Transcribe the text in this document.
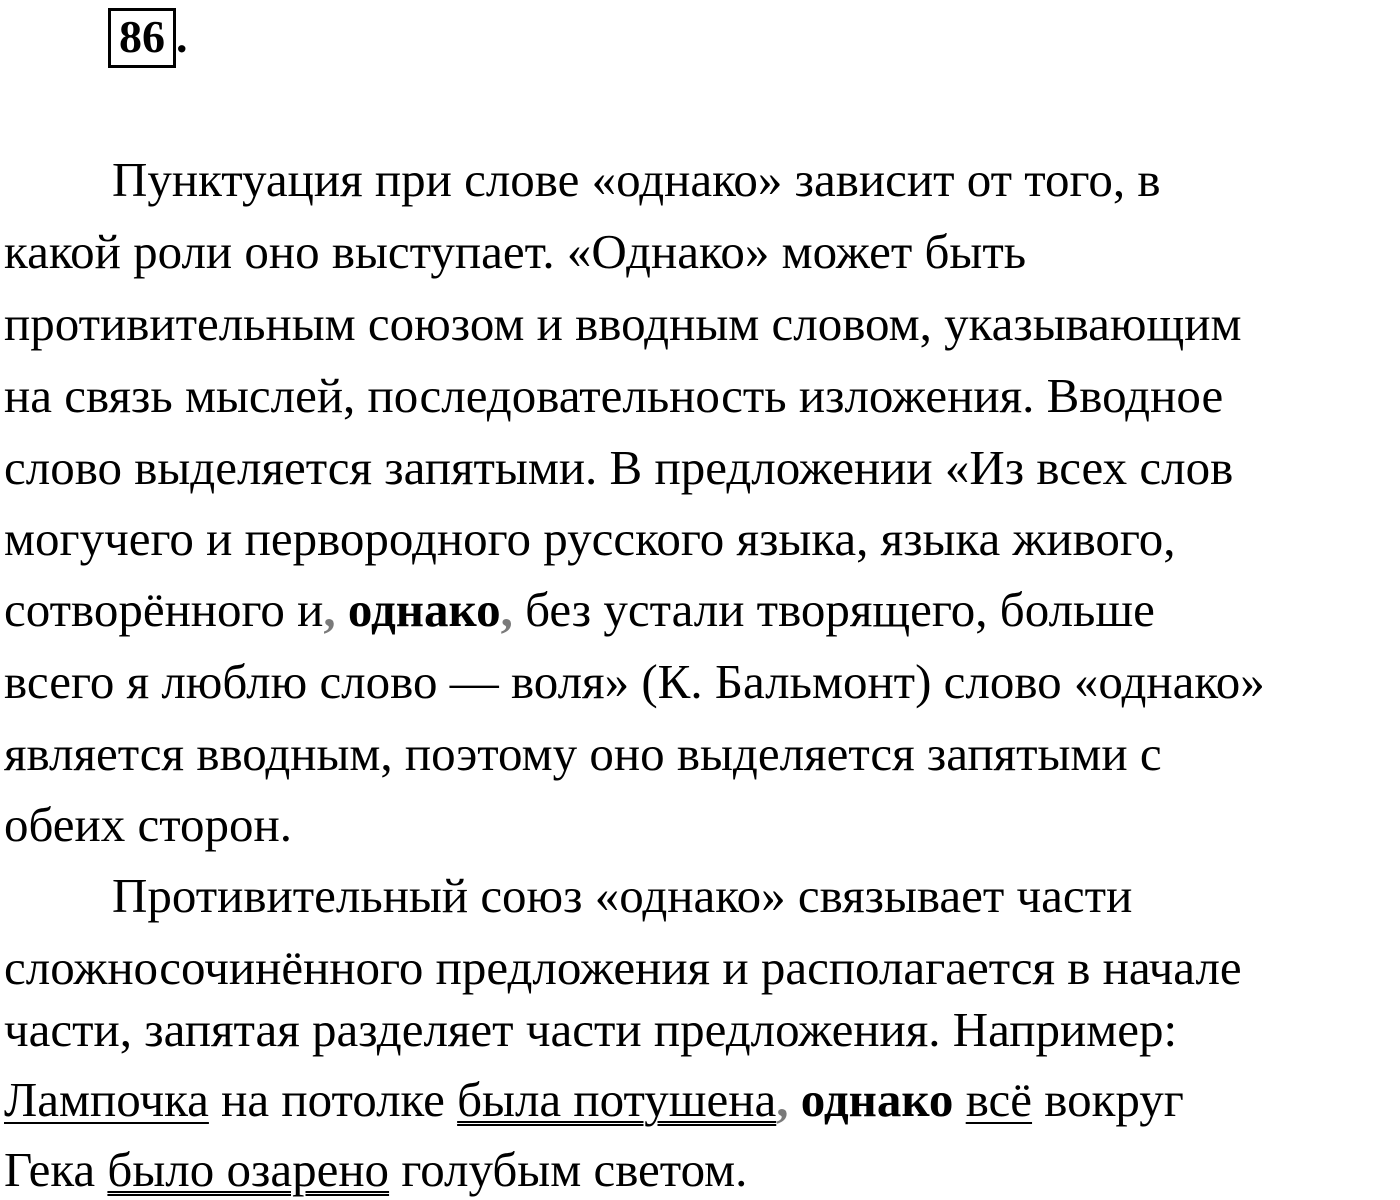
86 .
Пунктуация при слове «однако» зависит от того, в
какой роли оно выступает. «Однако» может быть
противительным союзом и вводным словом, указывающим
на связь мыслей, последовательность изложения. Вводное
слово выделяется запятыми. В предложении «Из всех слов
могучего и первородного русского языка, языка живого,
сотворённого и, однако, без устали творящего, больше
всего я люблю слово — воля» (К. Бальмонт) слово «однако»
является вводным, поэтому оно выделяется запятыми с
обеих сторон.
Противительный союз «однако» связывает части
сложносочинённого предложения и располагается в начале
части, запятая разделяет части предложения. Например:
Лампочка на потолке была потушена, однако всё вокруг
Гека было озарено голубым светом.
